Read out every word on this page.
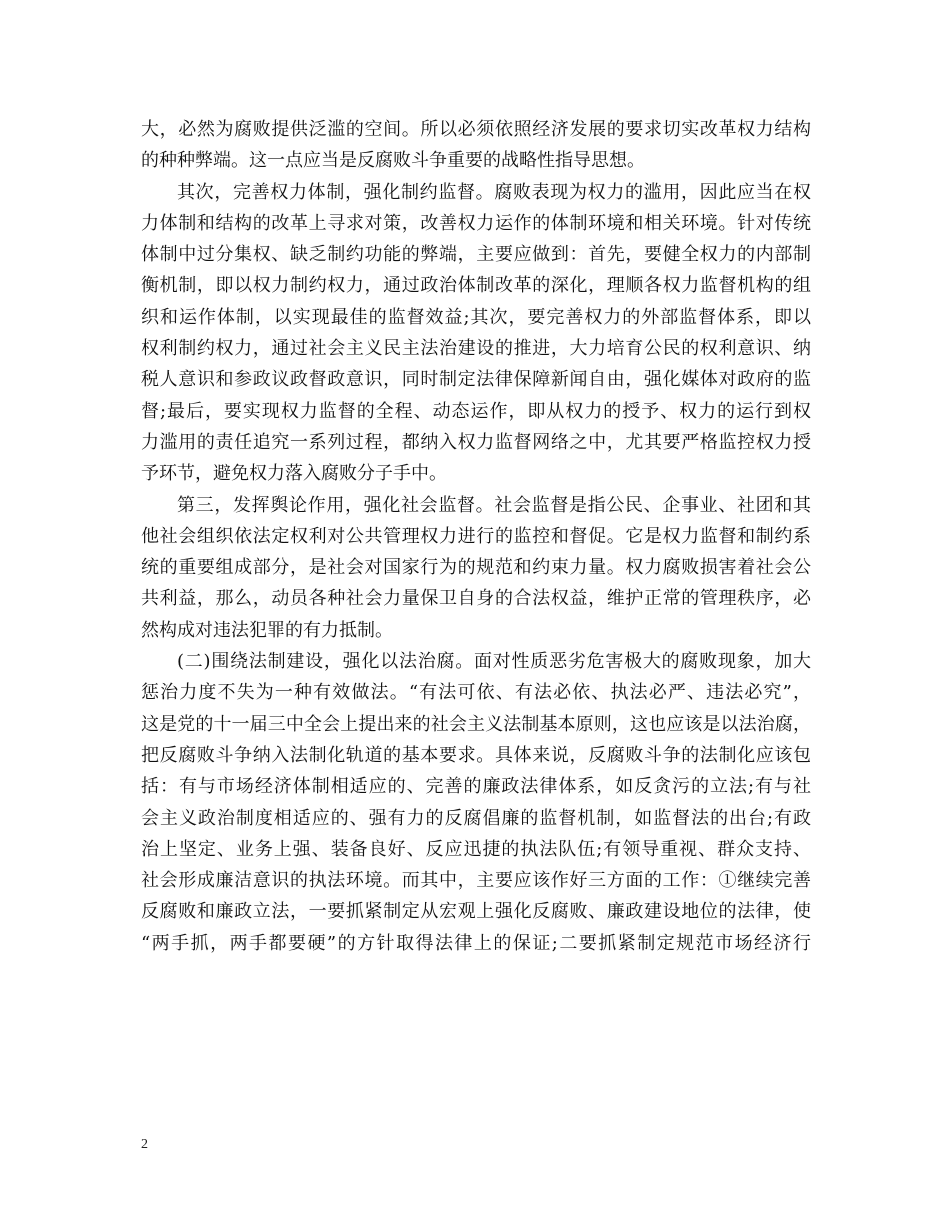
大，必然为腐败提供泛滥的空间。所以必须依照经济发展的要求切实改革权力结构
的种种弊端。这一点应当是反腐败斗争重要的战略性指导思想。
其次，完善权力体制，强化制约监督。腐败表现为权力的滥用，因此应当在权
力体制和结构的改革上寻求对策，改善权力运作的体制环境和相关环境。针对传统
体制中过分集权、缺乏制约功能的弊端，主要应做到：首先，要健全权力的内部制
衡机制，即以权力制约权力，通过政治体制改革的深化，理顺各权力监督机构的组
织和运作体制，以实现最佳的监督效益;其次，要完善权力的外部监督体系，即以
权利制约权力，通过社会主义民主法治建设的推进，大力培育公民的权利意识、纳
税人意识和参政议政督政意识，同时制定法律保障新闻自由，强化媒体对政府的监
督;最后，要实现权力监督的全程、动态运作，即从权力的授予、权力的运行到权
力滥用的责任追究一系列过程，都纳入权力监督网络之中，尤其要严格监控权力授
予环节，避免权力落入腐败分子手中。
第三，发挥舆论作用，强化社会监督。社会监督是指公民、企事业、社团和其
他社会组织依法定权利对公共管理权力进行的监控和督促。它是权力监督和制约系
统的重要组成部分，是社会对国家行为的规范和约束力量。权力腐败损害着社会公
共利益，那么，动员各种社会力量保卫自身的合法权益，维护正常的管理秩序，必
然构成对违法犯罪的有力抵制。
(二)围绕法制建设，强化以法治腐。面对性质恶劣危害极大的腐败现象，加大
惩治力度不失为一种有效做法。“有法可依、有法必依、执法必严、违法必究”，
这是党的十一届三中全会上提出来的社会主义法制基本原则，这也应该是以法治腐，
把反腐败斗争纳入法制化轨道的基本要求。具体来说，反腐败斗争的法制化应该包
括：有与市场经济体制相适应的、完善的廉政法律体系，如反贪污的立法;有与社
会主义政治制度相适应的、强有力的反腐倡廉的监督机制，如监督法的出台;有政
治上坚定、业务上强、装备良好、反应迅捷的执法队伍;有领导重视、群众支持、
社会形成廉洁意识的执法环境。而其中，主要应该作好三方面的工作：①继续完善
反腐败和廉政立法，一要抓紧制定从宏观上强化反腐败、廉政建设地位的法律，使
“两手抓，两手都要硬”的方针取得法律上的保证;二要抓紧制定规范市场经济行
2
